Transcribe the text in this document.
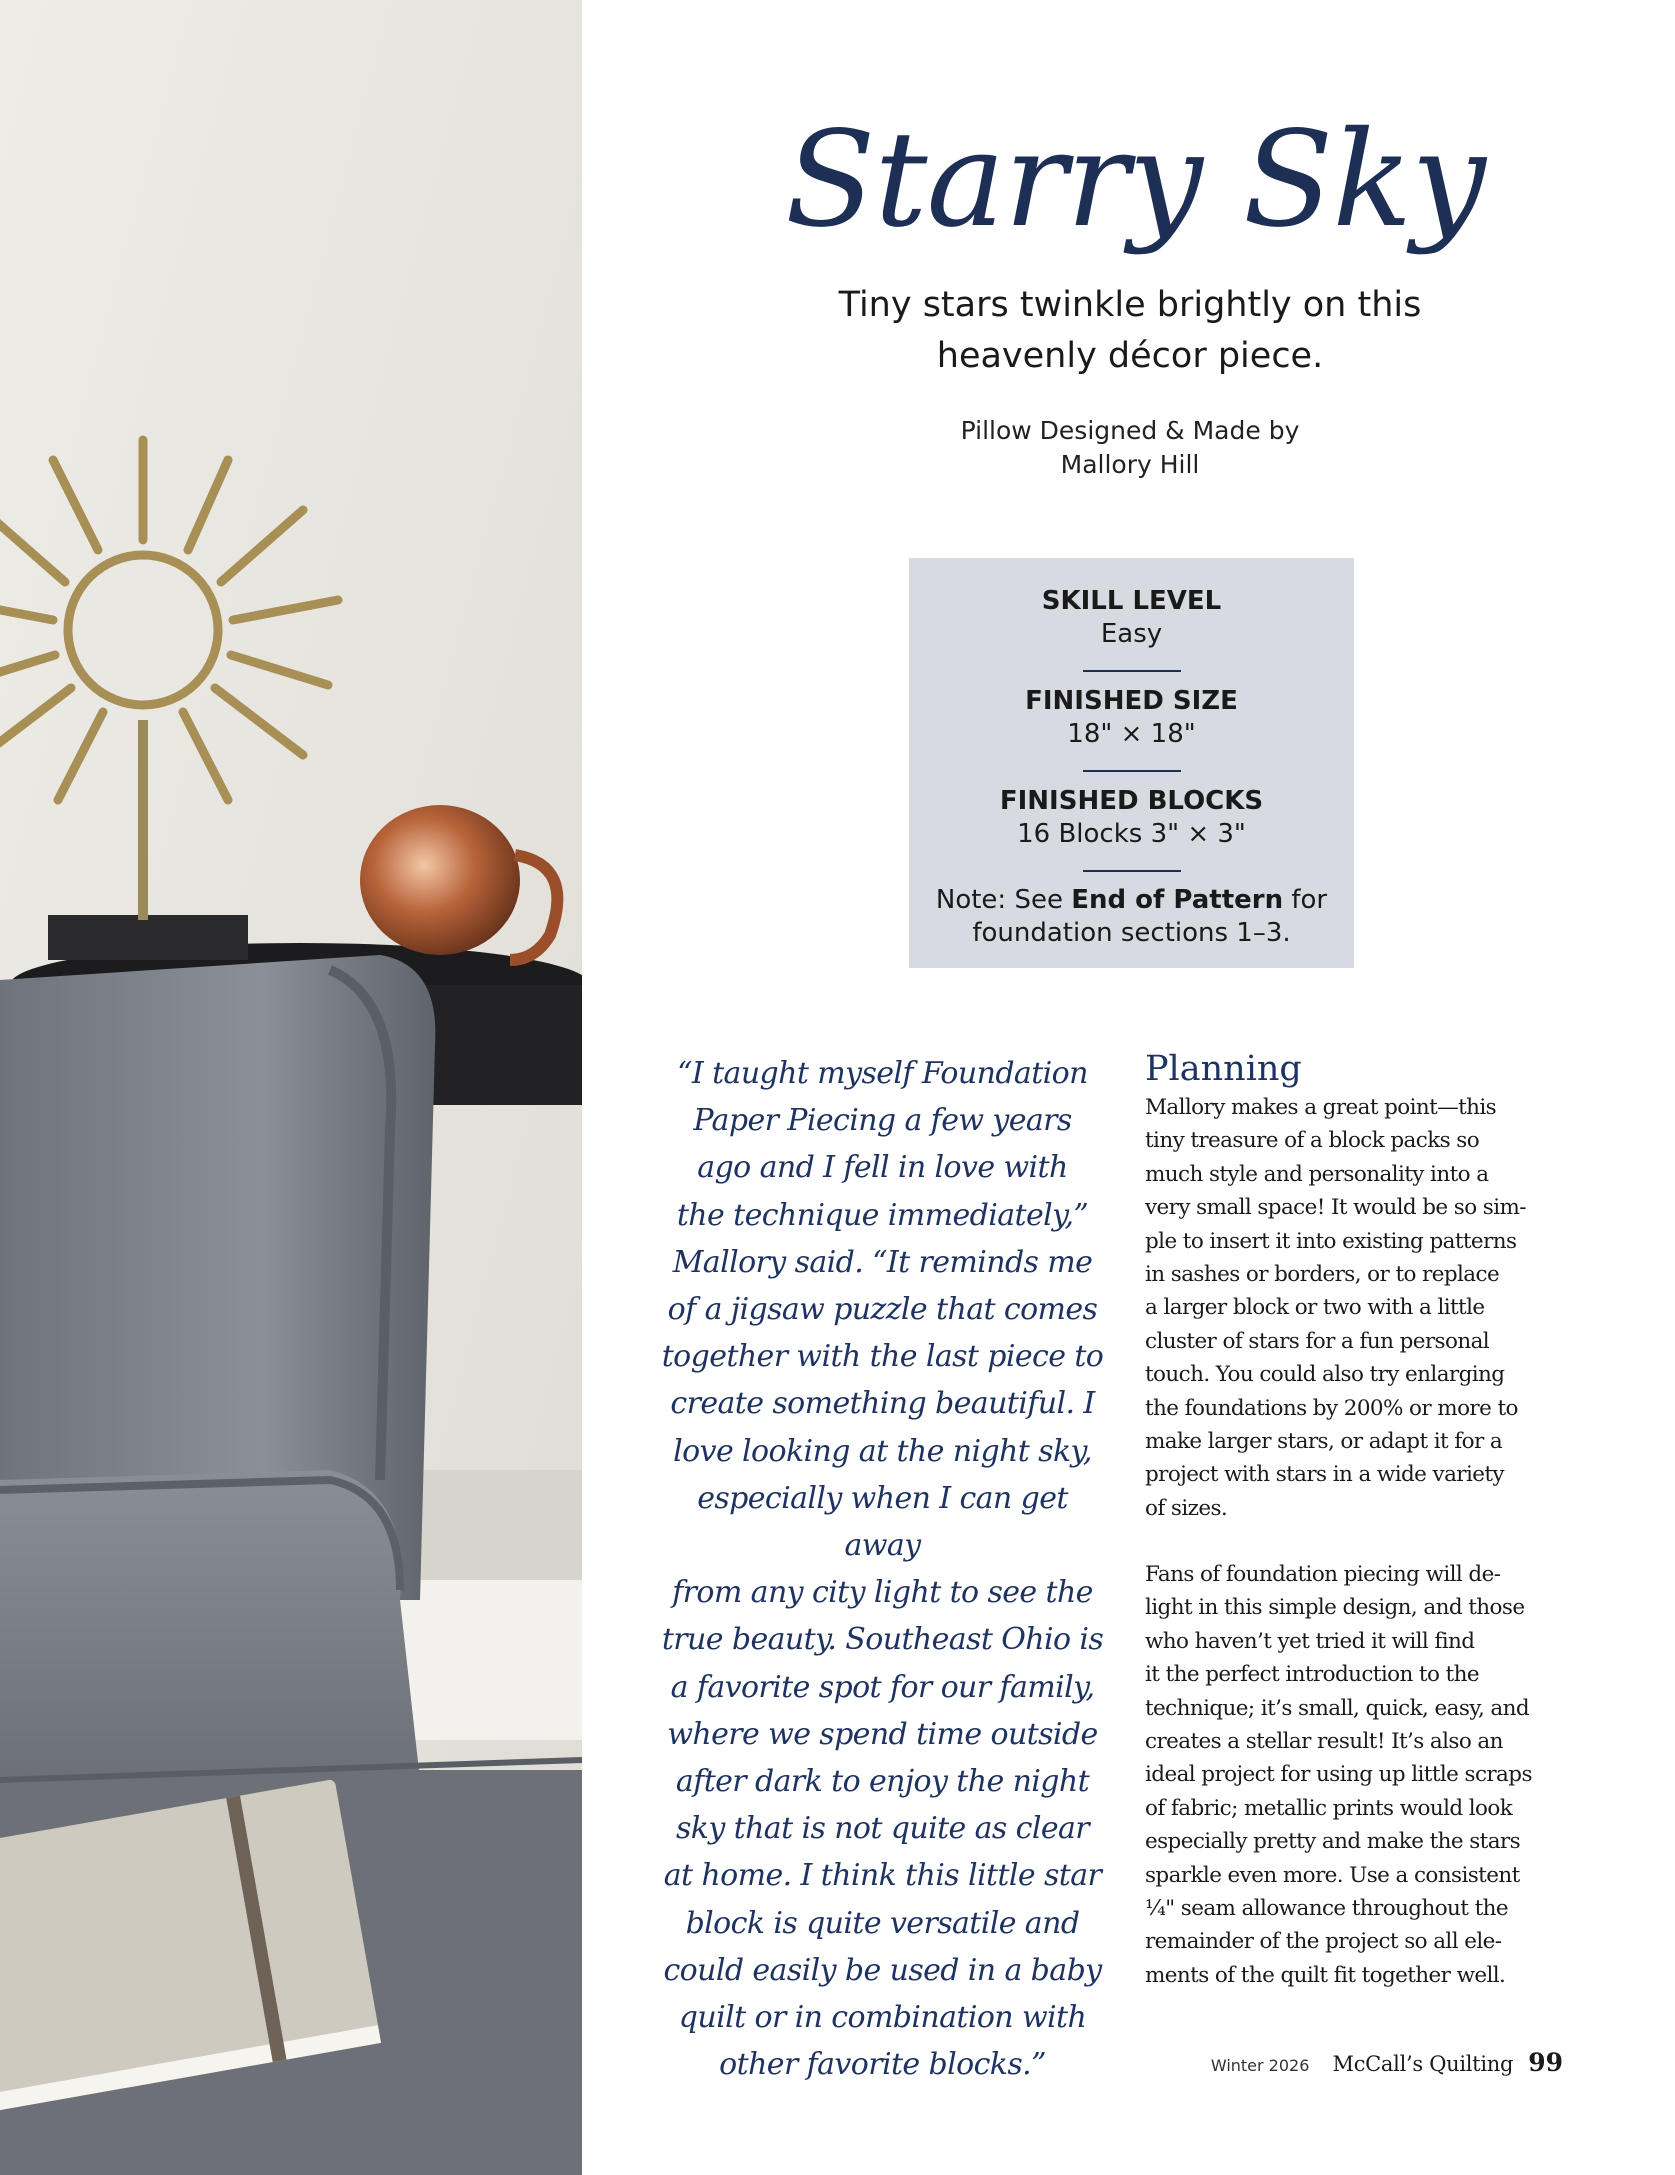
Starry Sky
Tiny stars twinkle brightly on this
heavenly décor piece.
Pillow Designed & Made by
Mallory Hill
SKILL LEVEL
Easy
FINISHED SIZE
18" × 18"
FINISHED BLOCKS
16 Blocks 3" × 3"
Note: See End of Pattern for
foundation sections 1–3.
“I taught myself Foundation
Paper Piecing a few years
ago and I fell in love with
the technique immediately,”
Mallory said. “It reminds me
of a jigsaw puzzle that comes
together with the last piece to
create something beautiful. I
love looking at the night sky,
especially when I can get away
from any city light to see the
true beauty. Southeast Ohio is
a favorite spot for our family,
where we spend time outside
after dark to enjoy the night
sky that is not quite as clear
at home. I think this little star
block is quite versatile and
could easily be used in a baby
quilt or in combination with
other favorite blocks.”
Planning
Mallory makes a great point—this
tiny treasure of a block packs so
much style and personality into a
very small space! It would be so sim-
ple to insert it into existing patterns
in sashes or borders, or to replace
a larger block or two with a little
cluster of stars for a fun personal
touch. You could also try enlarging
the foundations by 200% or more to
make larger stars, or adapt it for a
project with stars in a wide variety
of sizes.
Fans of foundation piecing will de-
light in this simple design, and those
who haven’t yet tried it will find
it the perfect introduction to the
technique; it’s small, quick, easy, and
creates a stellar result! It’s also an
ideal project for using up little scraps
of fabric; metallic prints would look
especially pretty and make the stars
sparkle even more. Use a consistent
¼" seam allowance throughout the
remainder of the project so all ele-
ments of the quilt fit together well.
Winter 2026 McCall’s Quilting 99
